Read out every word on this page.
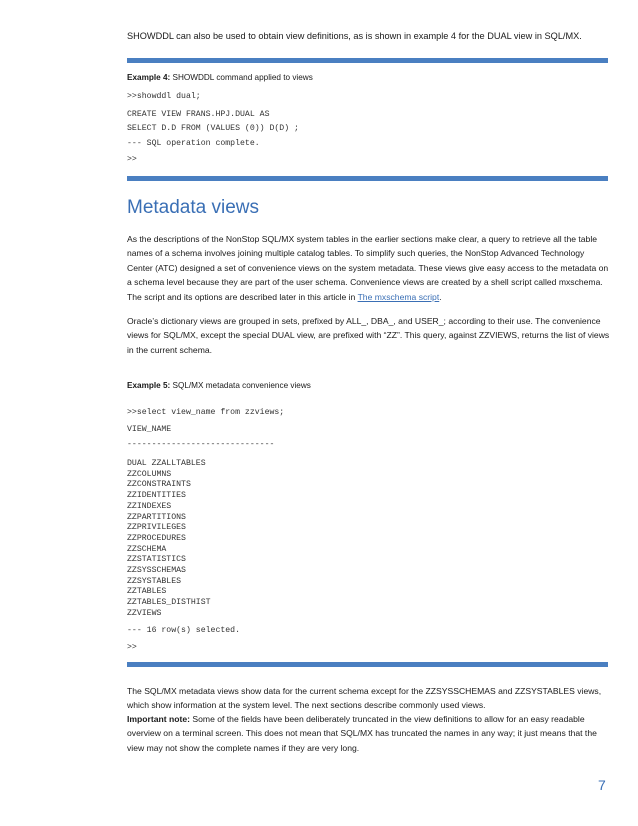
SHOWDDL can also be used to obtain view definitions, as is shown in example 4 for the DUAL view in SQL/MX.
Example 4: SHOWDDL command applied to views
>>showddl dual;
CREATE VIEW FRANS.HPJ.DUAL AS
SELECT D.D FROM (VALUES (0)) D(D) ;
--- SQL operation complete.
>>
Metadata views

As the descriptions of the NonStop SQL/MX system tables in the earlier sections make clear, a query to retrieve all the table names of a schema involves joining multiple catalog tables. To simplify such queries, the NonStop Advanced Technology Center (ATC) designed a set of convenience views on the system metadata. These views give easy access to the metadata on a schema level because they are part of the user schema. Convenience views are created by a shell script called mxschema. The script and its options are described later in this article in The mxschema script.

Oracle’s dictionary views are grouped in sets, prefixed by ALL_, DBA_, and USER_; according to their use. The convenience views for SQL/MX, except the special DUAL view, are prefixed with “ZZ”. This query, against ZZVIEWS, returns the list of views in the current schema.

Example 5: SQL/MX metadata convenience views
>>select view_name from zzviews;
VIEW_NAME
------------------------------
DUAL ZZALLTABLES
ZZCOLUMNS
ZZCONSTRAINTS
ZZIDENTITIES
ZZINDEXES
ZZPARTITIONS
ZZPRIVILEGES
ZZPROCEDURES
ZZSCHEMA
ZZSTATISTICS
ZZSYSSCHEMAS
ZZSYSTABLES
ZZTABLES
ZZTABLES_DISTHIST
ZZVIEWS
--- 16 row(s) selected.
>>

The SQL/MX metadata views show data for the current schema except for the ZZSYSSCHEMAS and ZZSYSTABLES views, which show information at the system level. The next sections describe commonly used views.

Important note: Some of the fields have been deliberately truncated in the view definitions to allow for an easy readable overview on a terminal screen. This does not mean that SQL/MX has truncated the names in any way; it just means that the view may not show the complete names if they are very long.

7
